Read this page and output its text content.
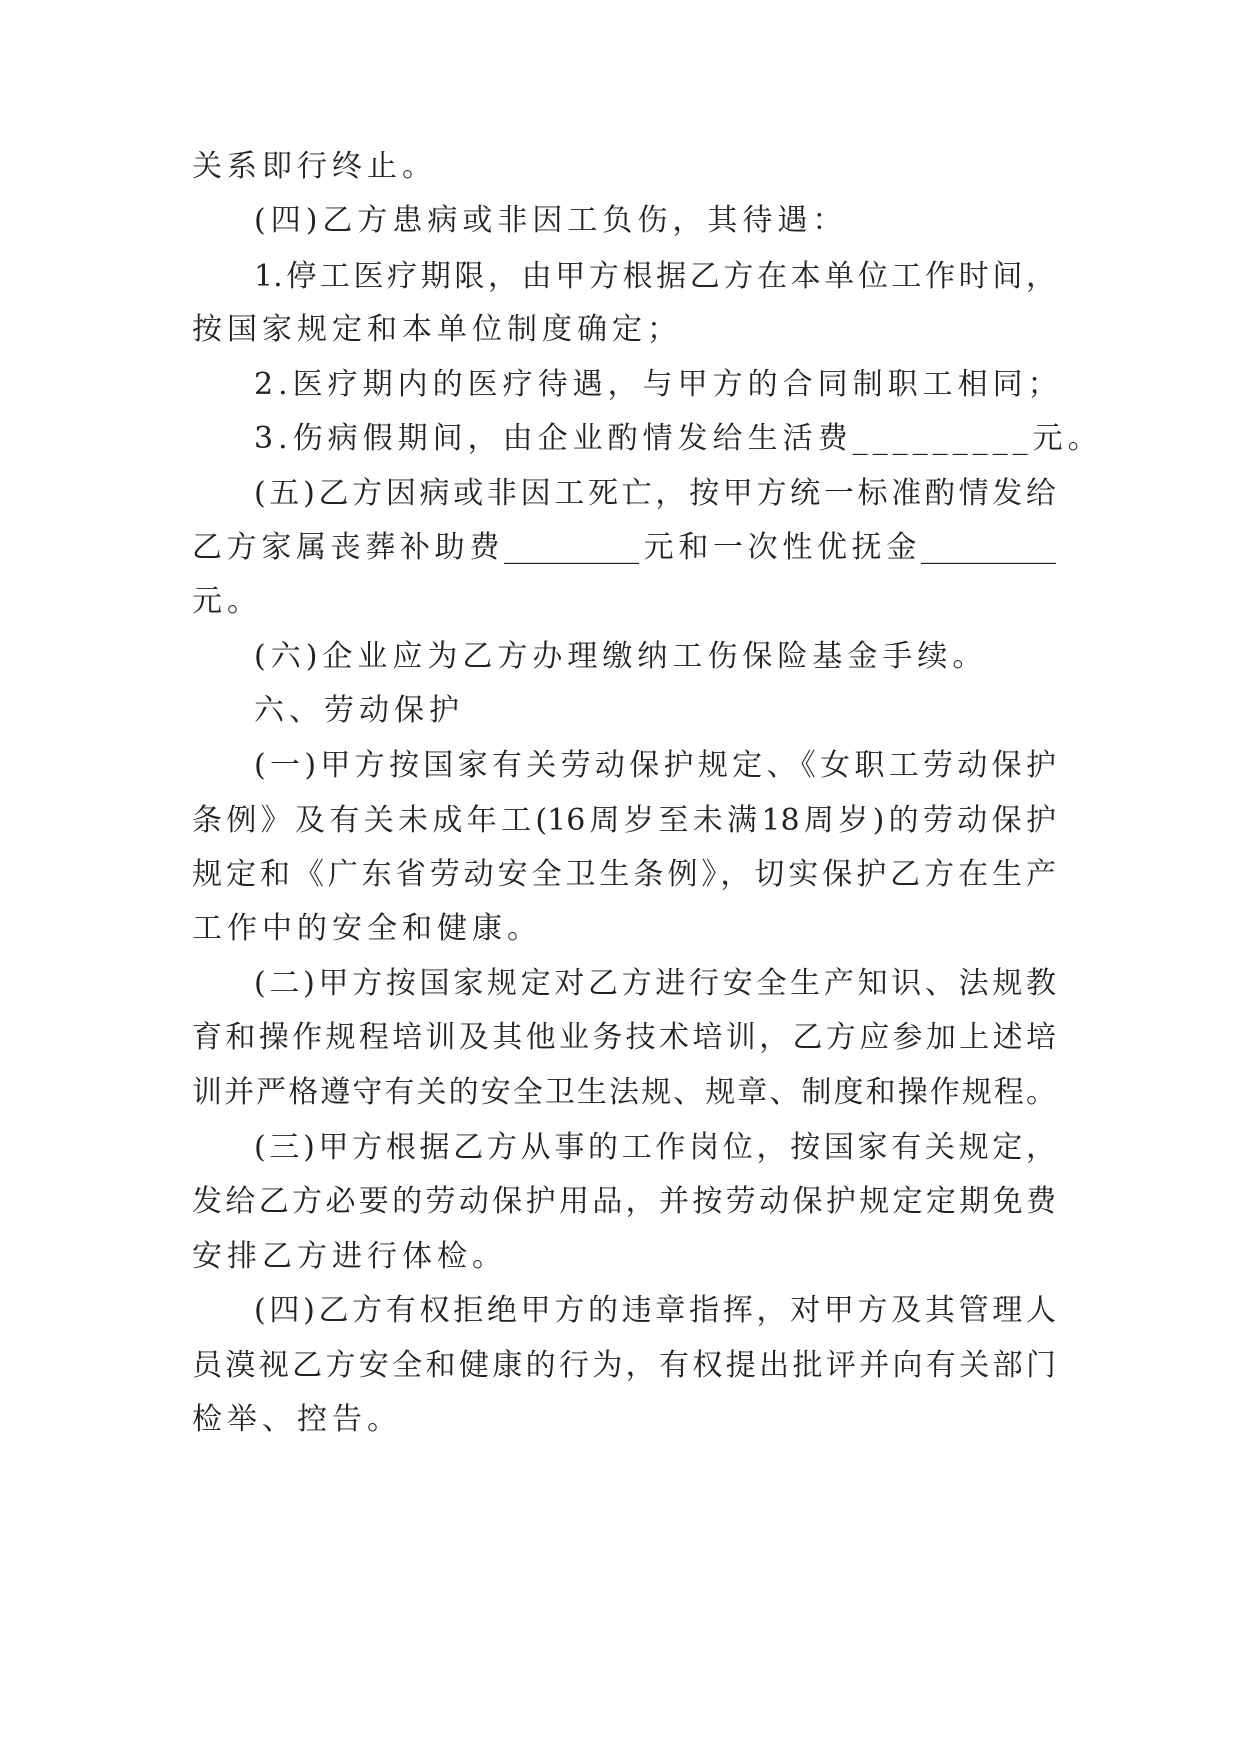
关系即行终止。
(四)乙方患病或非因工负伤，其待遇：
1.停工医疗期限，由甲方根据乙方在本单位工作时间，
按国家规定和本单位制度确定；
2.医疗期内的医疗待遇，与甲方的合同制职工相同；
3.伤病假期间，由企业酌情发给生活费_________元。
(五)乙方因病或非因工死亡，按甲方统一标准酌情发给
乙方家属丧葬补助费_________元和一次性优抚金_________
元。
(六)企业应为乙方办理缴纳工伤保险基金手续。
六、劳动保护
(一)甲方按国家有关劳动保护规定、《女职工劳动保护
条例》及有关未成年工(16周岁至未满18周岁)的劳动保护
规定和《广东省劳动安全卫生条例》，切实保护乙方在生产
工作中的安全和健康。
(二)甲方按国家规定对乙方进行安全生产知识、法规教
育和操作规程培训及其他业务技术培训，乙方应参加上述培
训并严格遵守有关的安全卫生法规、规章、制度和操作规程。
(三)甲方根据乙方从事的工作岗位，按国家有关规定，
发给乙方必要的劳动保护用品，并按劳动保护规定定期免费
安排乙方进行体检。
(四)乙方有权拒绝甲方的违章指挥，对甲方及其管理人
员漠视乙方安全和健康的行为，有权提出批评并向有关部门
检举、控告。
